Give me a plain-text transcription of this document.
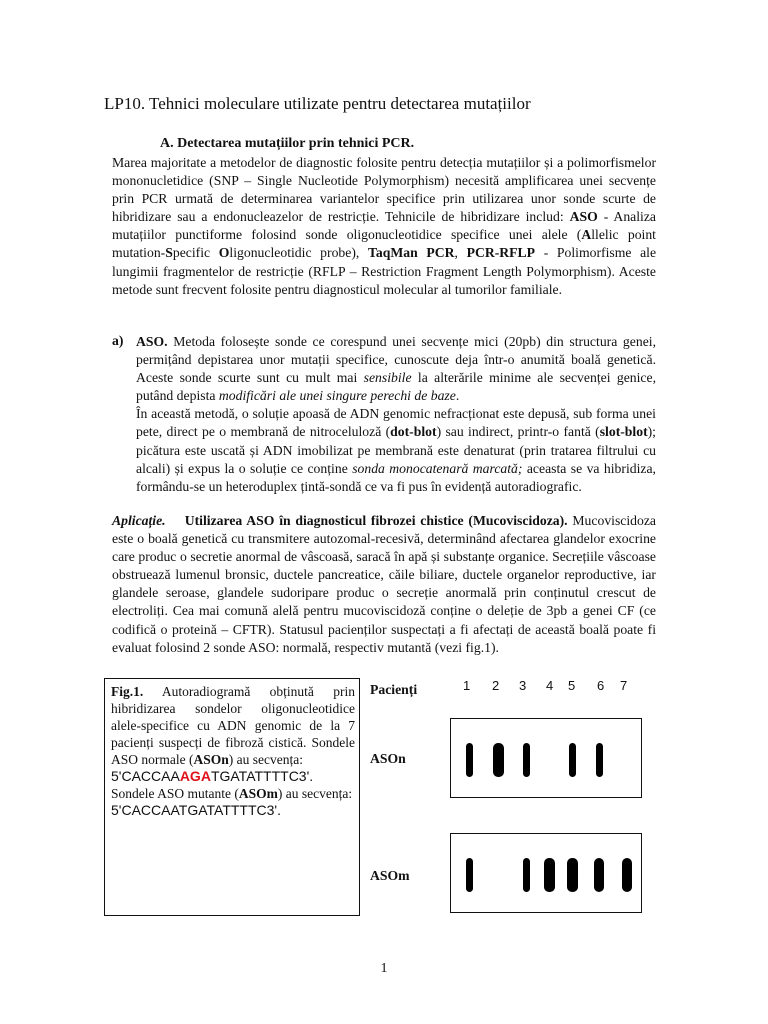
LP10. Tehnici moleculare utilizate pentru detectarea mutațiilor
A. Detectarea mutațiilor prin tehnici PCR.
Marea majoritate a metodelor de diagnostic folosite pentru detecția mutațiilor și a polimorfismelor mononucletidice (SNP – Single Nucleotide Polymorphism) necesită amplificarea unei secvențe prin PCR urmată de determinarea variantelor specifice prin utilizarea unor sonde scurte de hibridizare sau a endonucleazelor de restricție. Tehnicile de hibridizare includ: ASO - Analiza mutațiilor punctiforme folosind sonde oligonucleotidice specifice unei alele (Allelic point mutation-Specific Oligonucleotidic probe), TaqMan PCR, PCR-RFLP - Polimorfisme ale lungimii fragmentelor de restricție (RFLP – Restriction Fragment Length Polymorphism). Aceste metode sunt frecvent folosite pentru diagnosticul molecular al tumorilor familiale.
a) ASO. Metoda folosește sonde ce corespund unei secvențe mici (20pb) din structura genei, permițând depistarea unor mutații specifice, cunoscute deja într-o anumită boală genetică. Aceste sonde scurte sunt cu mult mai sensibile la alterările minime ale secvenței genice, putând depista modificări ale unei singure perechi de baze.
În această metodă, o soluție apoasă de ADN genomic nefracționat este depusă, sub forma unei pete, direct pe o membrană de nitroceluloză (dot-blot) sau indirect, printr-o fantă (slot-blot); picătura este uscată și ADN imobilizat pe membrană este denaturat (prin tratarea filtrului cu alcali) și expus la o soluție ce conține sonda monocatenară marcată; aceasta se va hibridiza, formându-se un heteroduplex țintă-sondă ce va fi pus în evidență autoradiografic.
Aplicație. Utilizarea ASO în diagnosticul fibrozei chistice (Mucoviscidoza). Mucoviscidoza este o boală genetică cu transmitere autozomal-recesivă, determinând afectarea glandelor exocrine care produc o secretie anormal de vâscoasă, saracă în apă și substanțe organice. Secrețiile vâscoase obstruează lumenul bronsic, ductele pancreatice, căile biliare, ductele organelor reproductive, iar glandele seroase, glandele sudoripare produc o secreție anormală prin conținutul crescut de electroliți. Cea mai comună alelă pentru mucoviscidoză conține o deleție de 3pb a genei CF (ce codifică o proteină – CFTR). Statusul pacienților suspectați a fi afectați de această boală poate fi evaluat folosind 2 sonde ASO: normală, respectiv mutantă (vezi fig.1).
Fig.1. Autoradiogramă obținută prin hibridizarea sondelor oligonucleotidice alele-specifice cu ADN genomic de la 7 pacienți suspecți de fibroză cistică. Sondele ASO normale (ASOn) au secvența:
5'CACCAAAGATGATATTTTC3'.
Sondele ASO mutante (ASOm) au secvența:
5'CACCAATGATATTTTC3'.
Pacienți	1 2 3 4 5 6 7
ASOn
ASOm
1
